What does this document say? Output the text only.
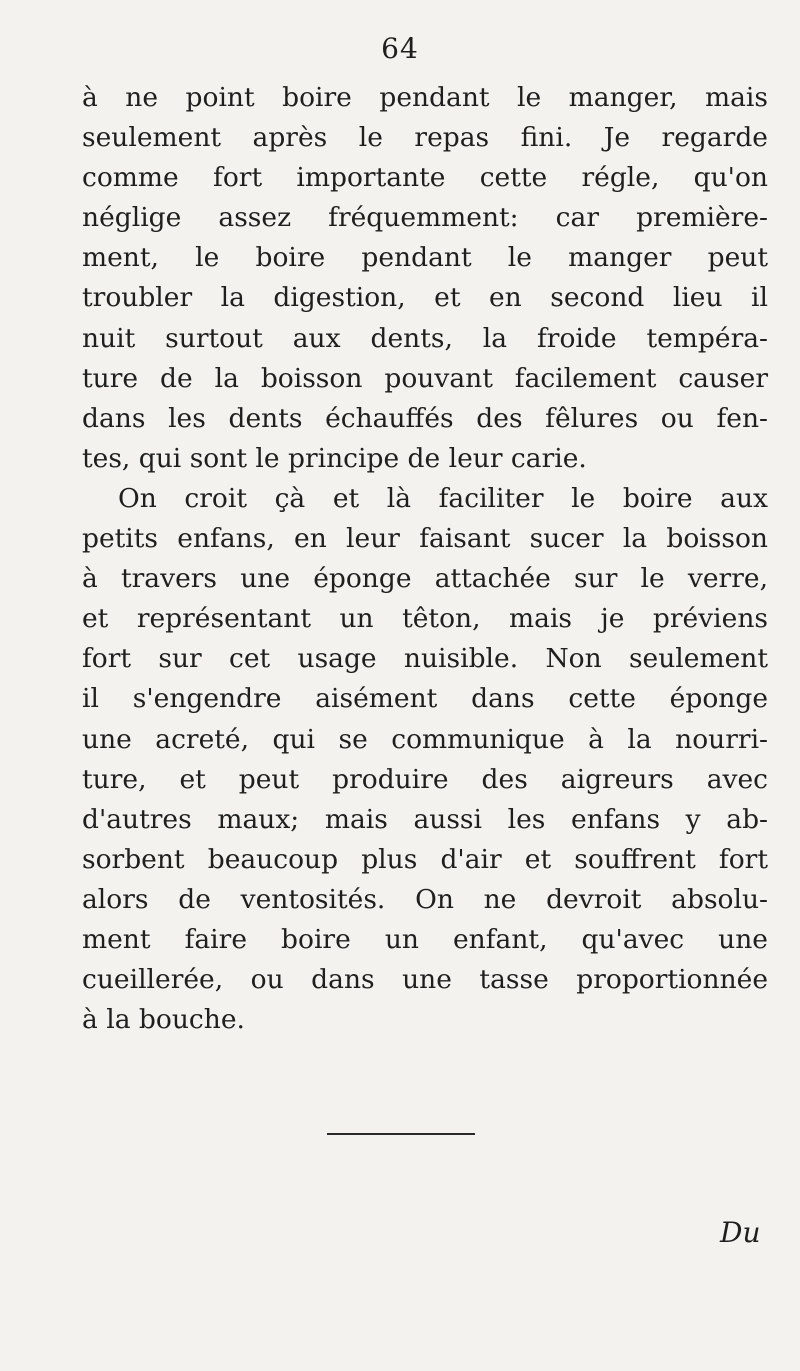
64
à ne point boire pendant le manger, mais
seulement après le repas fini. Je regarde
comme fort importante cette régle, qu'on
néglige assez fréquemment: car première-
ment, le boire pendant le manger peut
troubler la digestion, et en second lieu il
nuit surtout aux dents, la froide tempéra-
ture de la boisson pouvant facilement causer
dans les dents échauffés des fêlures ou fen-
tes, qui sont le principe de leur carie.
On croit çà et là faciliter le boire aux
petits enfans, en leur faisant sucer la boisson
à travers une éponge attachée sur le verre,
et représentant un têton, mais je préviens
fort sur cet usage nuisible. Non seulement
il s'engendre aisément dans cette éponge
une acreté, qui se communique à la nourri-
ture, et peut produire des aigreurs avec
d'autres maux; mais aussi les enfans y ab-
sorbent beaucoup plus d'air et souffrent fort
alors de ventosités. On ne devroit absolu-
ment faire boire un enfant, qu'avec une
cueillerée, ou dans une tasse proportionnée
à la bouche.
Du
